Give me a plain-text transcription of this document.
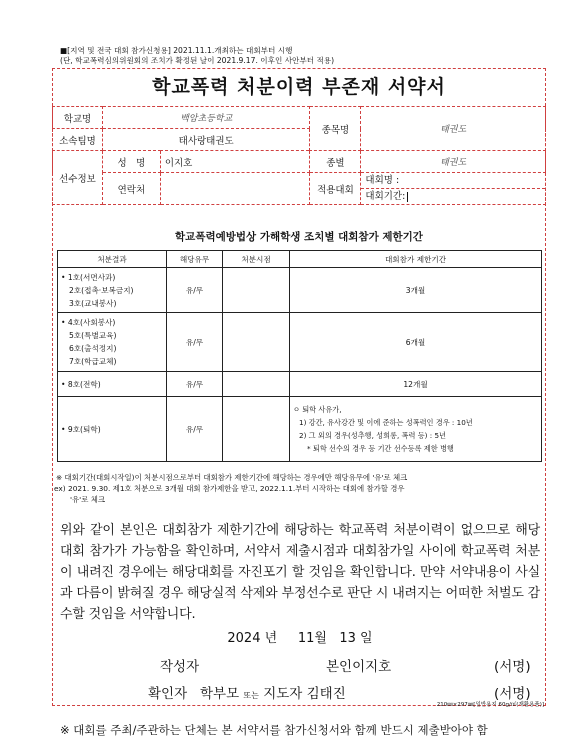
■[지역 및 전국 대회 참가신청용] 2021.11.1.개최하는 대회부터 시행
(단, 학교폭력심의위원회의 조치가 확정된 날이 2021.9.17. 이후인 사안부터 적용)
학교폭력 처분이력 부존재 서약서
학교명	백암초등학교		종목명	태권도
소속팀명	태사랑태권도			
선수정보	성　명	이지호	종별	태권도
	연락처		적용대회	대회명 :
대회기간:
학교폭력예방법상 가해학생 조치별 대회참가 제한기간
처분결과	해당유무	처분시점	대회참가 제한기간

• 1호(서면사과)
2호(접촉·보복금지)
3호(교내봉사)	유/무		3개월

• 4호(사회봉사)
5호(특별교육)
6호(출석정지)
7호(학급교체)	유/무		6개월

• 8호(전학)	유/무		12개월

• 9호(퇴학)	유/무		ㅇ 퇴학 사유가,
1) 강간, 유사강간 및 이에 준하는 성폭력인 경우 : 10년
2) 그 외의 경우(성추행, 성희롱, 폭력 등) : 5년
* 퇴학 선수의 경우 등 기간 선수등록 제한 병행
※ 대회기간(대회시작일)이 처분시점으로부터 대회참가 제한기간에 해당하는 경우에만 해당유무에 '유'로 체크
ex) 2021. 9.30. 제1호 처분으로 3개월 대회 참가제한을 받고, 2022.1.1.부터 시작하는 대회에 참가할 경우
'유'로 체크
위와 같이 본인은 대회참가 제한기간에 해당하는 학교폭력 처분이력이 없으므로 해당 대회 참가가 가능함을 확인하며, 서약서 제출시점과 대회참가일 사이에 학교폭력 처분이 내려진 경우에는 해당대회를 자진포기 할 것임을 확인합니다. 만약 서약내용이 사실과 다름이 밝혀질 경우 해당실적 삭제와 부정선수로 판단 시 내려지는 어떠한 처벌도 감수할 것임을 서약합니다.
2024 년 11월 13 일
작성자	본인이지호	(서명)
확인자 학부모 또는 지도자 김태진	(서명)
210㎜×297㎜[일반용지 60g/㎡(재활용품)]
※ 대회를 주최/주관하는 단체는 본 서약서를 참가신청서와 함께 반드시 제출받아야 함
